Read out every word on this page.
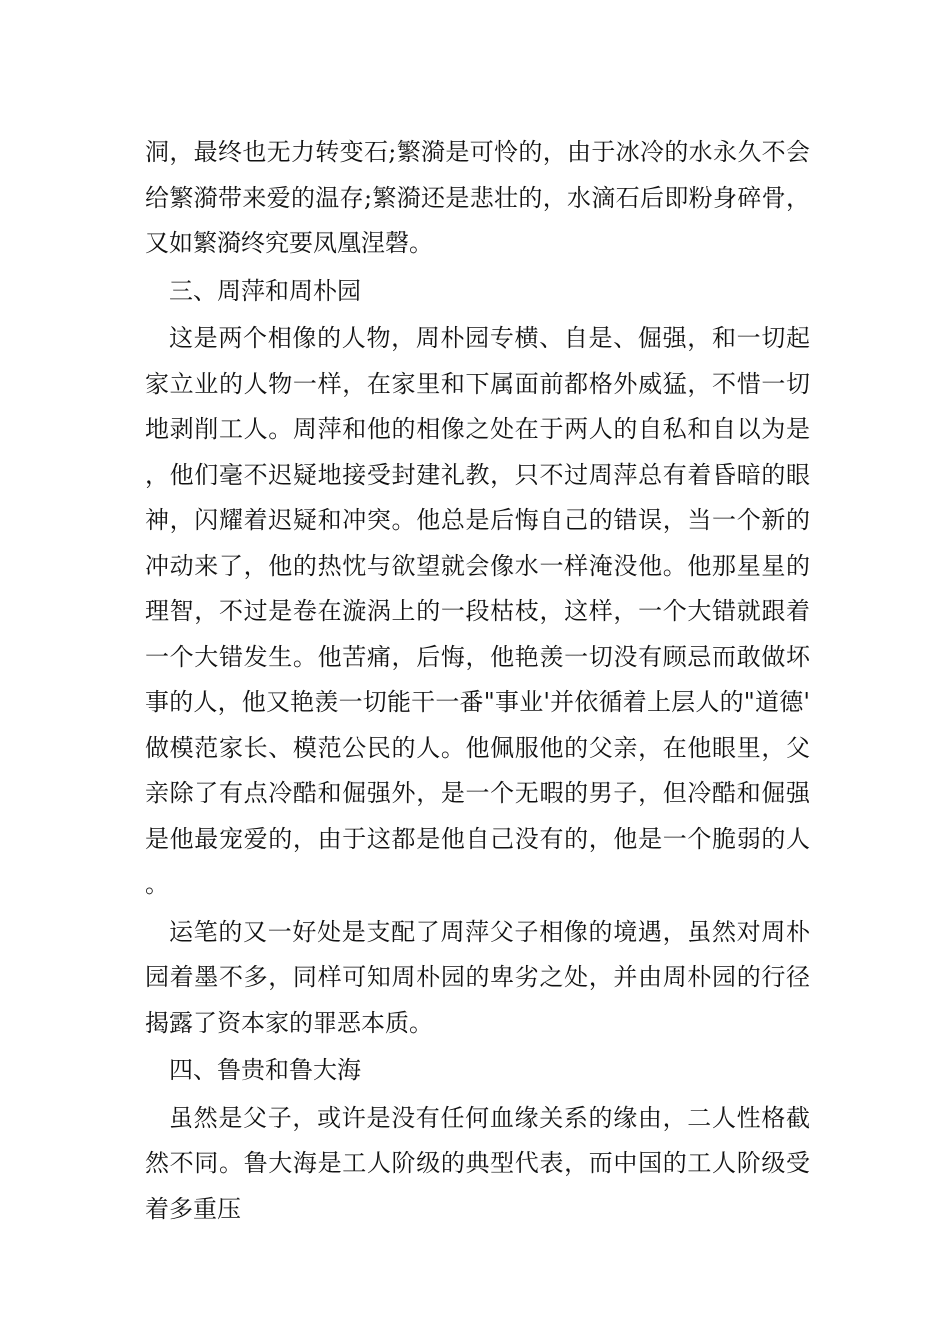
洞，最终也无力转变石;繁漪是可怜的，由于冰冷的水永久不会给繁漪带来爱的温存;繁漪还是悲壮的，水滴石后即粉身碎骨，又如繁漪终究要凤凰涅磬。

三、周萍和周朴园

这是两个相像的人物，周朴园专横、自是、倔强，和一切起家立业的人物一样，在家里和下属面前都格外威猛，不惜一切地剥削工人。周萍和他的相像之处在于两人的自私和自以为是，他们毫不迟疑地接受封建礼教，只不过周萍总有着昏暗的眼神，闪耀着迟疑和冲突。他总是后悔自己的错误，当一个新的冲动来了，他的热忱与欲望就会像水一样淹没他。他那星星的理智，不过是卷在漩涡上的一段枯枝，这样，一个大错就跟着一个大错发生。他苦痛，后悔，他艳羡一切没有顾忌而敢做坏事的人，他又艳羡一切能干一番"事业'并依循着上层人的"道德'做模范家长、模范公民的人。他佩服他的父亲，在他眼里，父亲除了有点冷酷和倔强外，是一个无暇的男子，但冷酷和倔强是他最宠爱的，由于这都是他自己没有的，他是一个脆弱的人。

运笔的又一好处是支配了周萍父子相像的境遇，虽然对周朴园着墨不多，同样可知周朴园的卑劣之处，并由周朴园的行径揭露了资本家的罪恶本质。

四、鲁贵和鲁大海

虽然是父子，或许是没有任何血缘关系的缘由，二人性格截然不同。鲁大海是工人阶级的典型代表，而中国的工人阶级受着多重压
